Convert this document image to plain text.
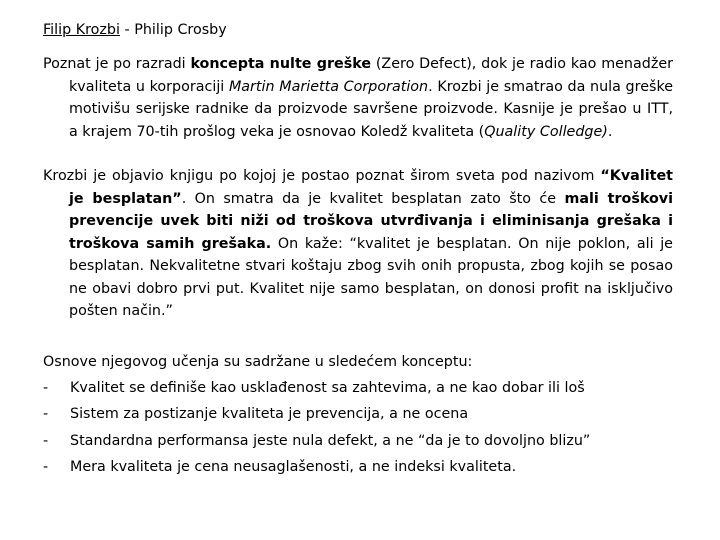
Filip Krozbi - Philip Crosby

Poznat je po razradi koncepta nulte greške (Zero Defect), dok je radio kao menadžer kvaliteta u korporaciji Martin Marietta Corporation. Krozbi je smatrao da nula greške motivišu serijske radnike da proizvode savršene proizvode. Kasnije je prešao u ITT, a krajem 70-tih prošlog veka je osnovao Koledž kvaliteta (Quality Colledge).

Krozbi je objavio knjigu po kojoj je postao poznat širom sveta pod nazivom “Kvalitet je besplatan”. On smatra da je kvalitet besplatan zato što će mali troškovi prevencije uvek biti niži od troškova utvrđivanja i eliminisanja grešaka i troškova samih grešaka. On kaže: “kvalitet je besplatan. On nije poklon, ali je besplatan. Nekvalitetne stvari koštaju zbog svih onih propusta, zbog kojih se posao ne obavi dobro prvi put. Kvalitet nije samo besplatan, on donosi profit na isključivo pošten način.”

Osnove njegovog učenja su sadržane u sledećem konceptu:

-	Kvalitet se definiše kao usklađenost sa zahtevima, a ne kao dobar ili loš
-	Sistem za postizanje kvaliteta je prevencija, a ne ocena
-	Standardna performansa jeste nula defekt, a ne “da je to dovoljno blizu”
-	Mera kvaliteta je cena neusaglašenosti, a ne indeksi kvaliteta.
